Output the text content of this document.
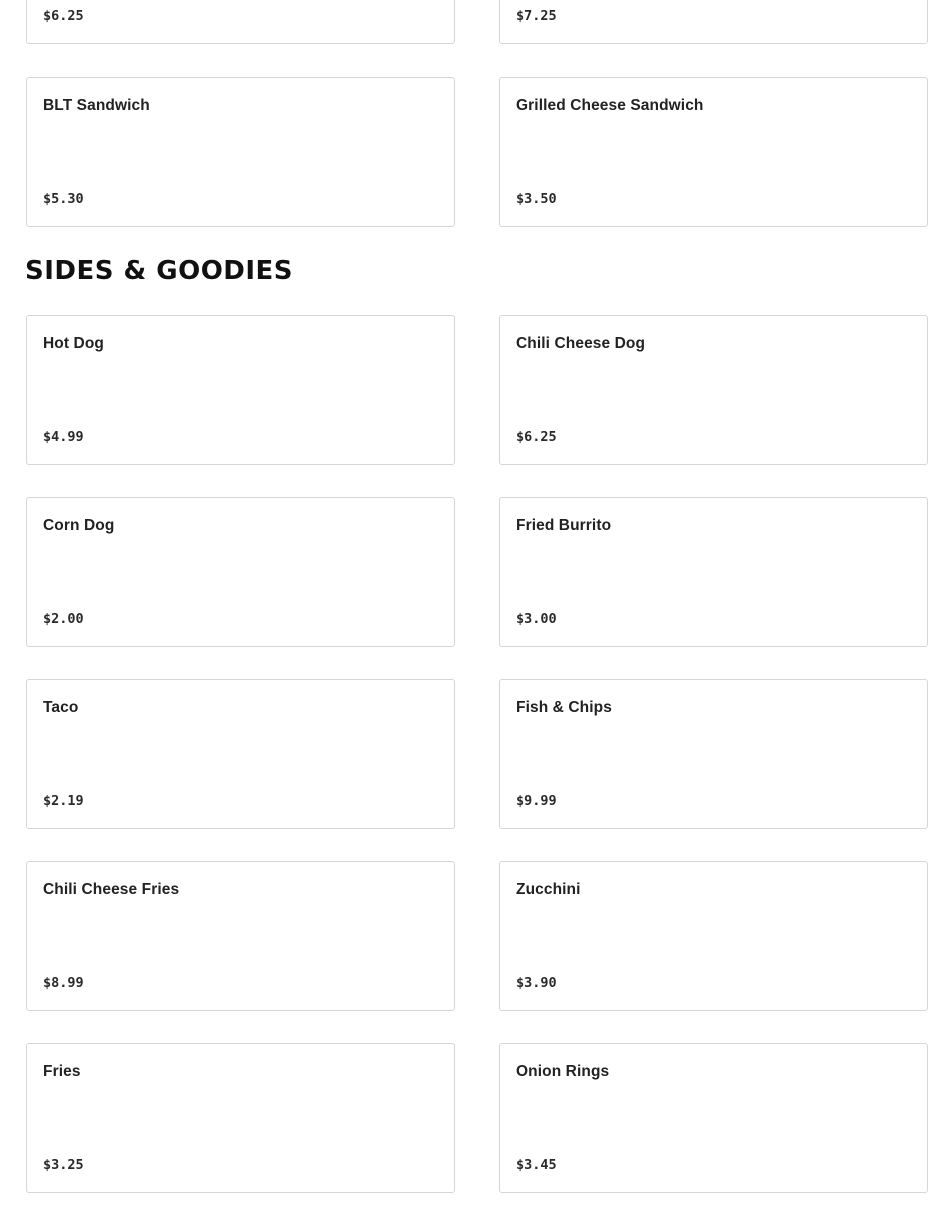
$6.25	$7.25
BLT Sandwich
$5.30
Grilled Cheese Sandwich
$3.50
SIDES & GOODIES
Hot Dog
$4.99
Chili Cheese Dog
$6.25
Corn Dog
$2.00
Fried Burrito
$3.00
Taco
$2.19
Fish & Chips
$9.99
Chili Cheese Fries
$8.99
Zucchini
$3.90
Fries
$3.25
Onion Rings
$3.45
